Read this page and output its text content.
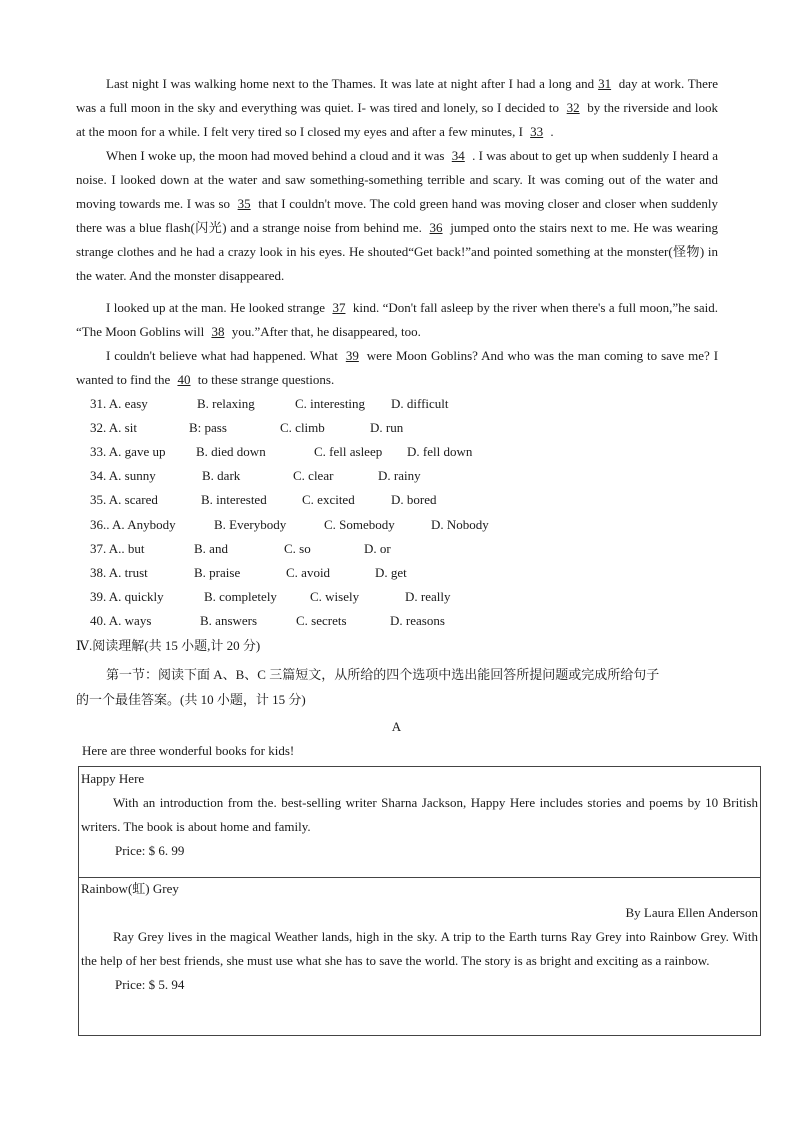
Last night I was walking home next to the Thames. It was late at night after I had a long and 31 day at work. There was a full moon in the sky and everything was quiet. I- was tired and lonely, so I decided to 32 by the riverside and look at the moon for a while. I felt very tired so I closed my eyes and after a few minutes, I 33 .

When I woke up, the moon had moved behind a cloud and it was 34 . I was about to get up when suddenly I heard a noise. I looked down at the water and saw something-something terrible and scary. It was coming out of the water and moving towards me. I was so 35 that I couldn't move. The cold green hand was moving closer and closer when suddenly there was a blue flash(闪光) and a strange noise from behind me. 36 jumped onto the stairs next to me. He was wearing strange clothes and he had a crazy look in his eyes. He shouted“Get back!”and pointed something at the monster(怪物) in the water. And the monster disappeared.

I looked up at the man. He looked strange 37 kind. “Don't fall asleep by the river when there's a full moon,”he said. “The Moon Goblins will 38 you.”After that, he disappeared, too.

I couldn't believe what had happened. What 39 were Moon Goblins? And who was the man coming to save me? I wanted to find the 40 to these strange questions.

31. A. easy	B. relaxing	C. interesting D. difficult
32. A. sit	B: pass	C. climb	D. run
33. A. gave up B. died down	C. fell asleep D. fell down
34. A. sunny	B. dark	C. clear	D. rainy
35. A. scared	B. interested	C. excited	D. bored
36.. A. Anybody	B. Everybody	C. Somebody	D. Nobody
37. A.. but	B. and	C. so	D. or
38. A. trust	B. praise	C. avoid	D. get
39. A. quickly	B. completely	C. wisely	D. really
40. A. ways	B. answers	C. secrets	D. reasons
Ⅳ.阅读理解(共 15 小题,计 20 分)
第一节：阅读下面 A、B、C 三篇短文，从所给的四个选项中选出能回答所提问题或完成所给句子
的一个最佳答案。(共 10 小题，计 15 分)
A
Here are three wonderful books for kids!
Happy Here
With an introduction from the. best-selling writer Sharna Jackson, Happy Here includes stories and poems by 10 British writers. The book is about home and family.
Price: $ 6. 99
Rainbow(虹) Grey
By Laura Ellen Anderson
Ray Grey lives in the magical Weather lands, high in the sky. A trip to the Earth turns Ray Grey into Rainbow Grey. With the help of her best friends, she must use what she has to save the world. The story is as bright and exciting as a rainbow.
Price: $ 5. 94
